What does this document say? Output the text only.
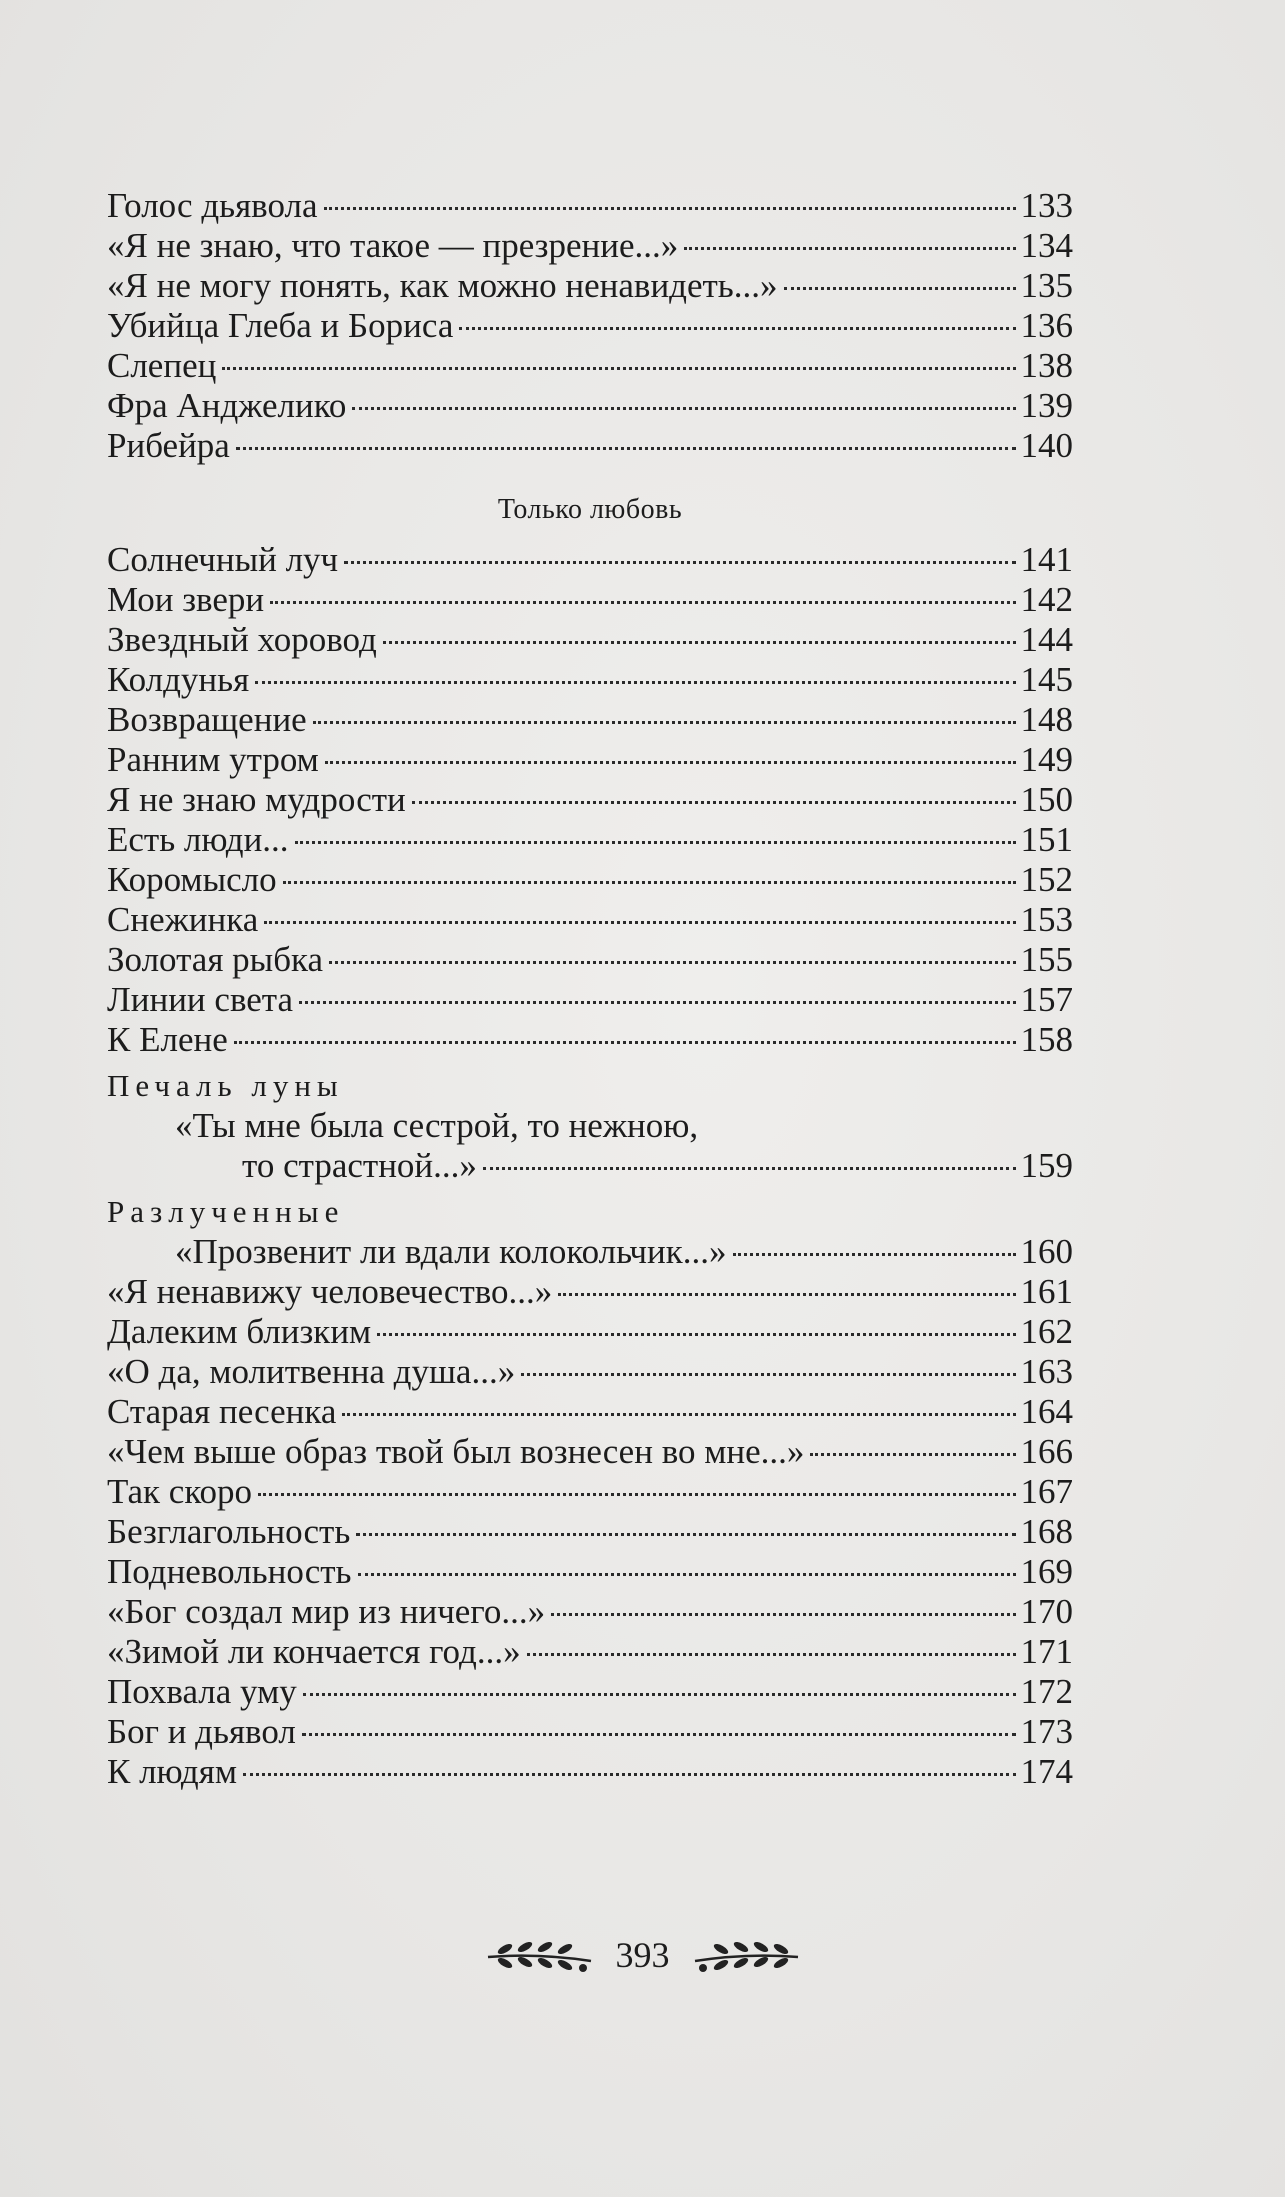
Голос дьявола	133
«Я не знаю, что такое — презрение...»	134
«Я не могу понять, как можно ненавидеть...»	135
Убийца Глеба и Бориса	136
Слепец	138
Фра Анджелико	139
Рибейра	140
Только любовь
Солнечный луч	141
Мои звери	142
Звездный хоровод	144
Колдунья	145
Возвращение	148
Ранним утром	149
Я не знаю мудрости	150
Есть люди...	151
Коромысло	152
Снежинка	153
Золотая рыбка	155
Линии света	157
К Елене	158
Печаль луны
«Ты мне была сестрой, то нежною,
то страстной...»	159
Разлученные
«Прозвенит ли вдали колокольчик...»	160
«Я ненавижу человечество...»	161
Далеким близким	162
«О да, молитвенна душа...»	163
Старая песенка	164
«Чем выше образ твой был вознесен во мне...»	166
Так скоро	167
Безглагольность	168
Подневольность	169
«Бог создал мир из ничего...»	170
«Зимой ли кончается год...»	171
Похвала уму	172
Бог и дьявол	173
К людям	174
393
